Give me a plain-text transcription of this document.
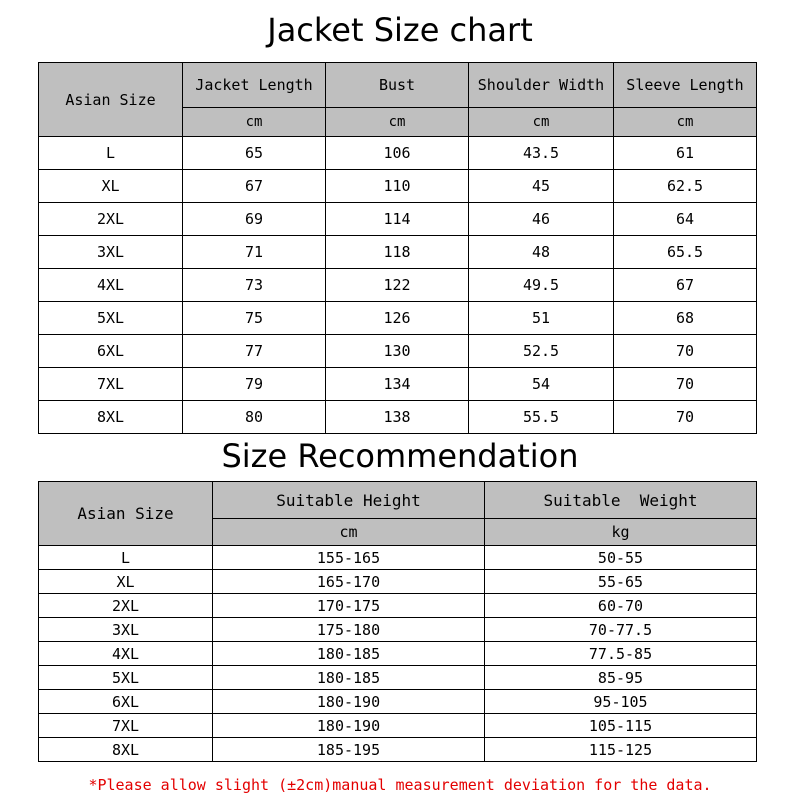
Jacket Size chart
Asian Size	Jacket Length	Bust	Shoulder Width	Sleeve Length
	cm	cm	cm	cm
L	65	106	43.5	61
XL	67	110	45	62.5
2XL	69	114	46	64
3XL	71	118	48	65.5
4XL	73	122	49.5	67
5XL	75	126	51	68
6XL	77	130	52.5	70
7XL	79	134	54	70
8XL	80	138	55.5	70
Size Recommendation
Asian Size	Suitable Height	Suitable  Weight
	cm	kg
L	155-165	50-55
XL	165-170	55-65
2XL	170-175	60-70
3XL	175-180	70-77.5
4XL	180-185	77.5-85
5XL	180-185	85-95
6XL	180-190	95-105
7XL	180-190	105-115
8XL	185-195	115-125
*Please allow slight (±2cm)manual measurement deviation for the data.
